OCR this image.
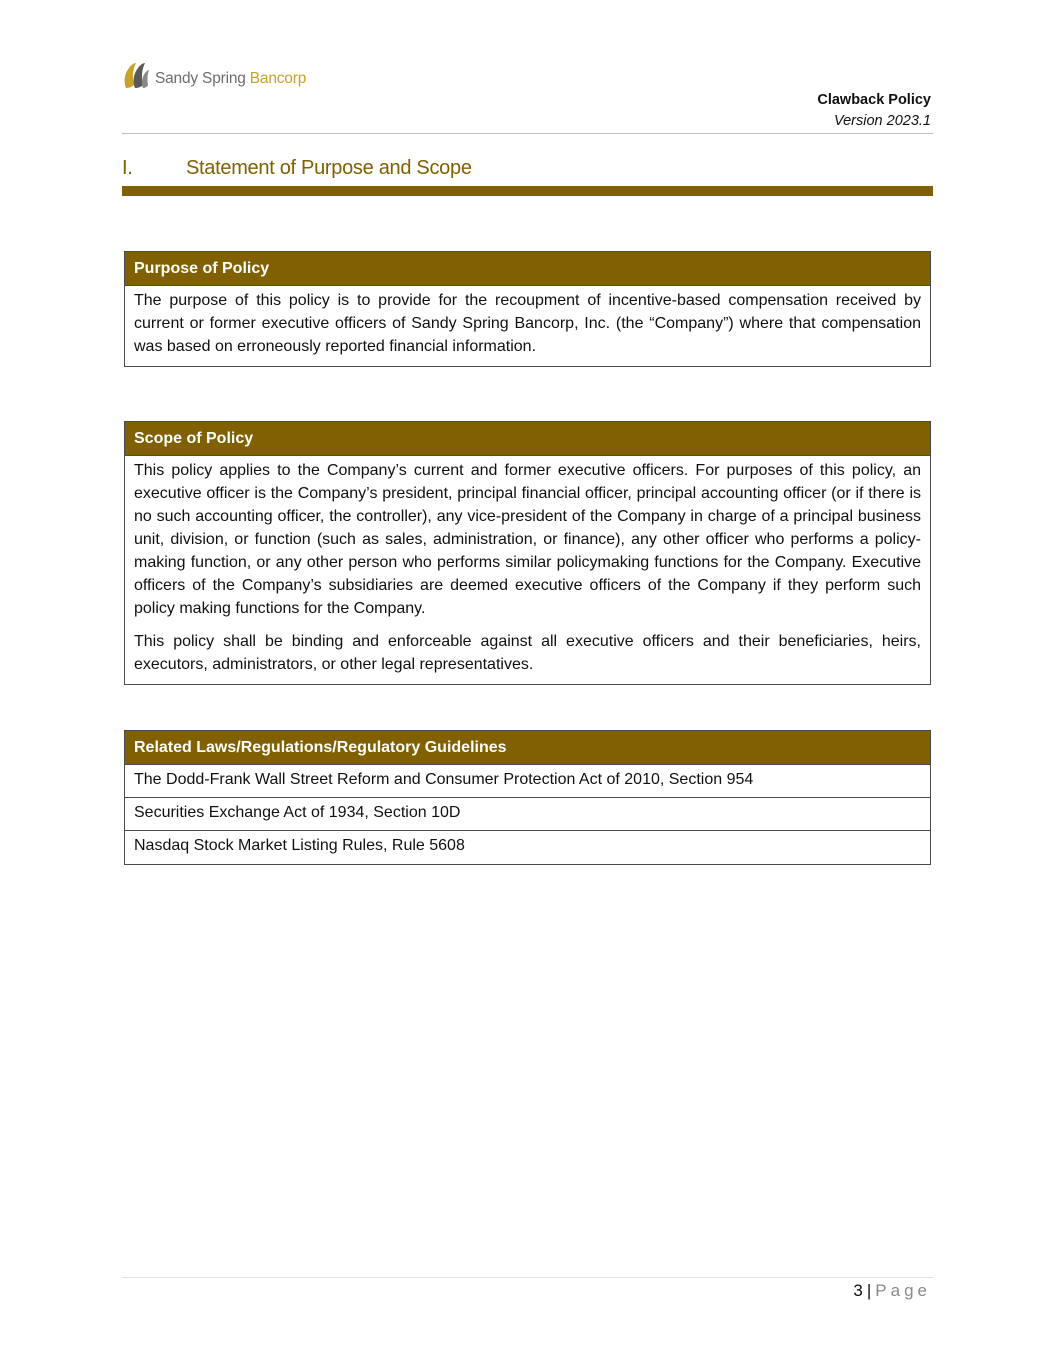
Sandy Spring Bancorp
Clawback Policy
Version 2023.1
I.	Statement of Purpose and Scope
Purpose of Policy

The purpose of this policy is to provide for the recoupment of incentive-based compensation received by current or former executive officers of Sandy Spring Bancorp, Inc. (the “Company”) where that compensation was based on erroneously reported financial information.

Scope of Policy

This policy applies to the Company’s current and former executive officers. For purposes of this policy, an executive officer is the Company’s president, principal financial officer, principal accounting officer (or if there is no such accounting officer, the controller), any vice-president of the Company in charge of a principal business unit, division, or function (such as sales, administration, or finance), any other officer who performs a policy-making function, or any other person who performs similar policymaking functions for the Company. Executive officers of the Company’s subsidiaries are deemed executive officers of the Company if they perform such policy making functions for the Company.

This policy shall be binding and enforceable against all executive officers and their beneficiaries, heirs, executors, administrators, or other legal representatives.

Related Laws/Regulations/Regulatory Guidelines
The Dodd-Frank Wall Street Reform and Consumer Protection Act of 2010, Section 954
Securities Exchange Act of 1934, Section 10D
Nasdaq Stock Market Listing Rules, Rule 5608
3 | Page
